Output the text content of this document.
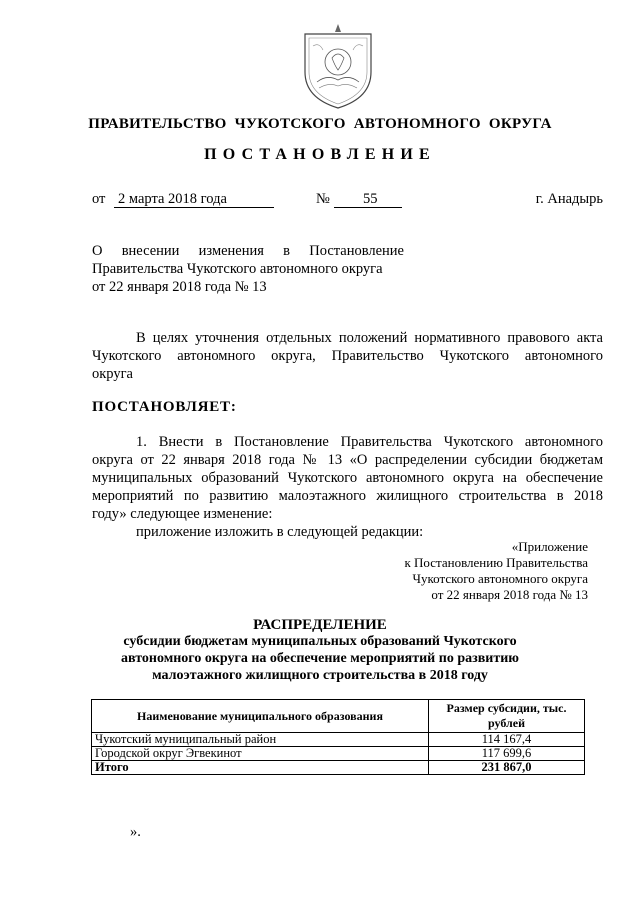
ПРАВИТЕЛЬСТВО ЧУКОТСКОГО АВТОНОМНОГО ОКРУГА
ПОСТАНОВЛЕНИЕ
от 2 марта 2018 года	№ 55	г. Анадырь
О    внесении    изменения    в    Постановление
Правительства Чукотского автономного округа
от 22 января 2018 года № 13
В целях уточнения отдельных положений нормативного правового акта
Чукотского автономного округа, Правительство Чукотского автономного
округа
ПОСТАНОВЛЯЕТ:
1. Внести в Постановление Правительства Чукотского автономного
округа от 22 января 2018 года № 13 «О распределении субсидии бюджетам
муниципальных образований Чукотского автономного округа на обеспечение
мероприятий по развитию малоэтажного жилищного строительства в 2018
году» следующее изменение:
приложение изложить в следующей редакции:
«Приложение
к Постановлению Правительства
Чукотского автономного округа
от 22 января 2018 года № 13
РАСПРЕДЕЛЕНИЕ
субсидии бюджетам муниципальных образований Чукотского
автономного округа на обеспечение мероприятий по развитию
малоэтажного жилищного строительства в 2018 году
Наименование муниципального образования	Размер субсидии, тыс. рублей
Чукотский муниципальный район	114 167,4
Городской округ Эгвекинот	117 699,6
Итого	231 867,0
».
